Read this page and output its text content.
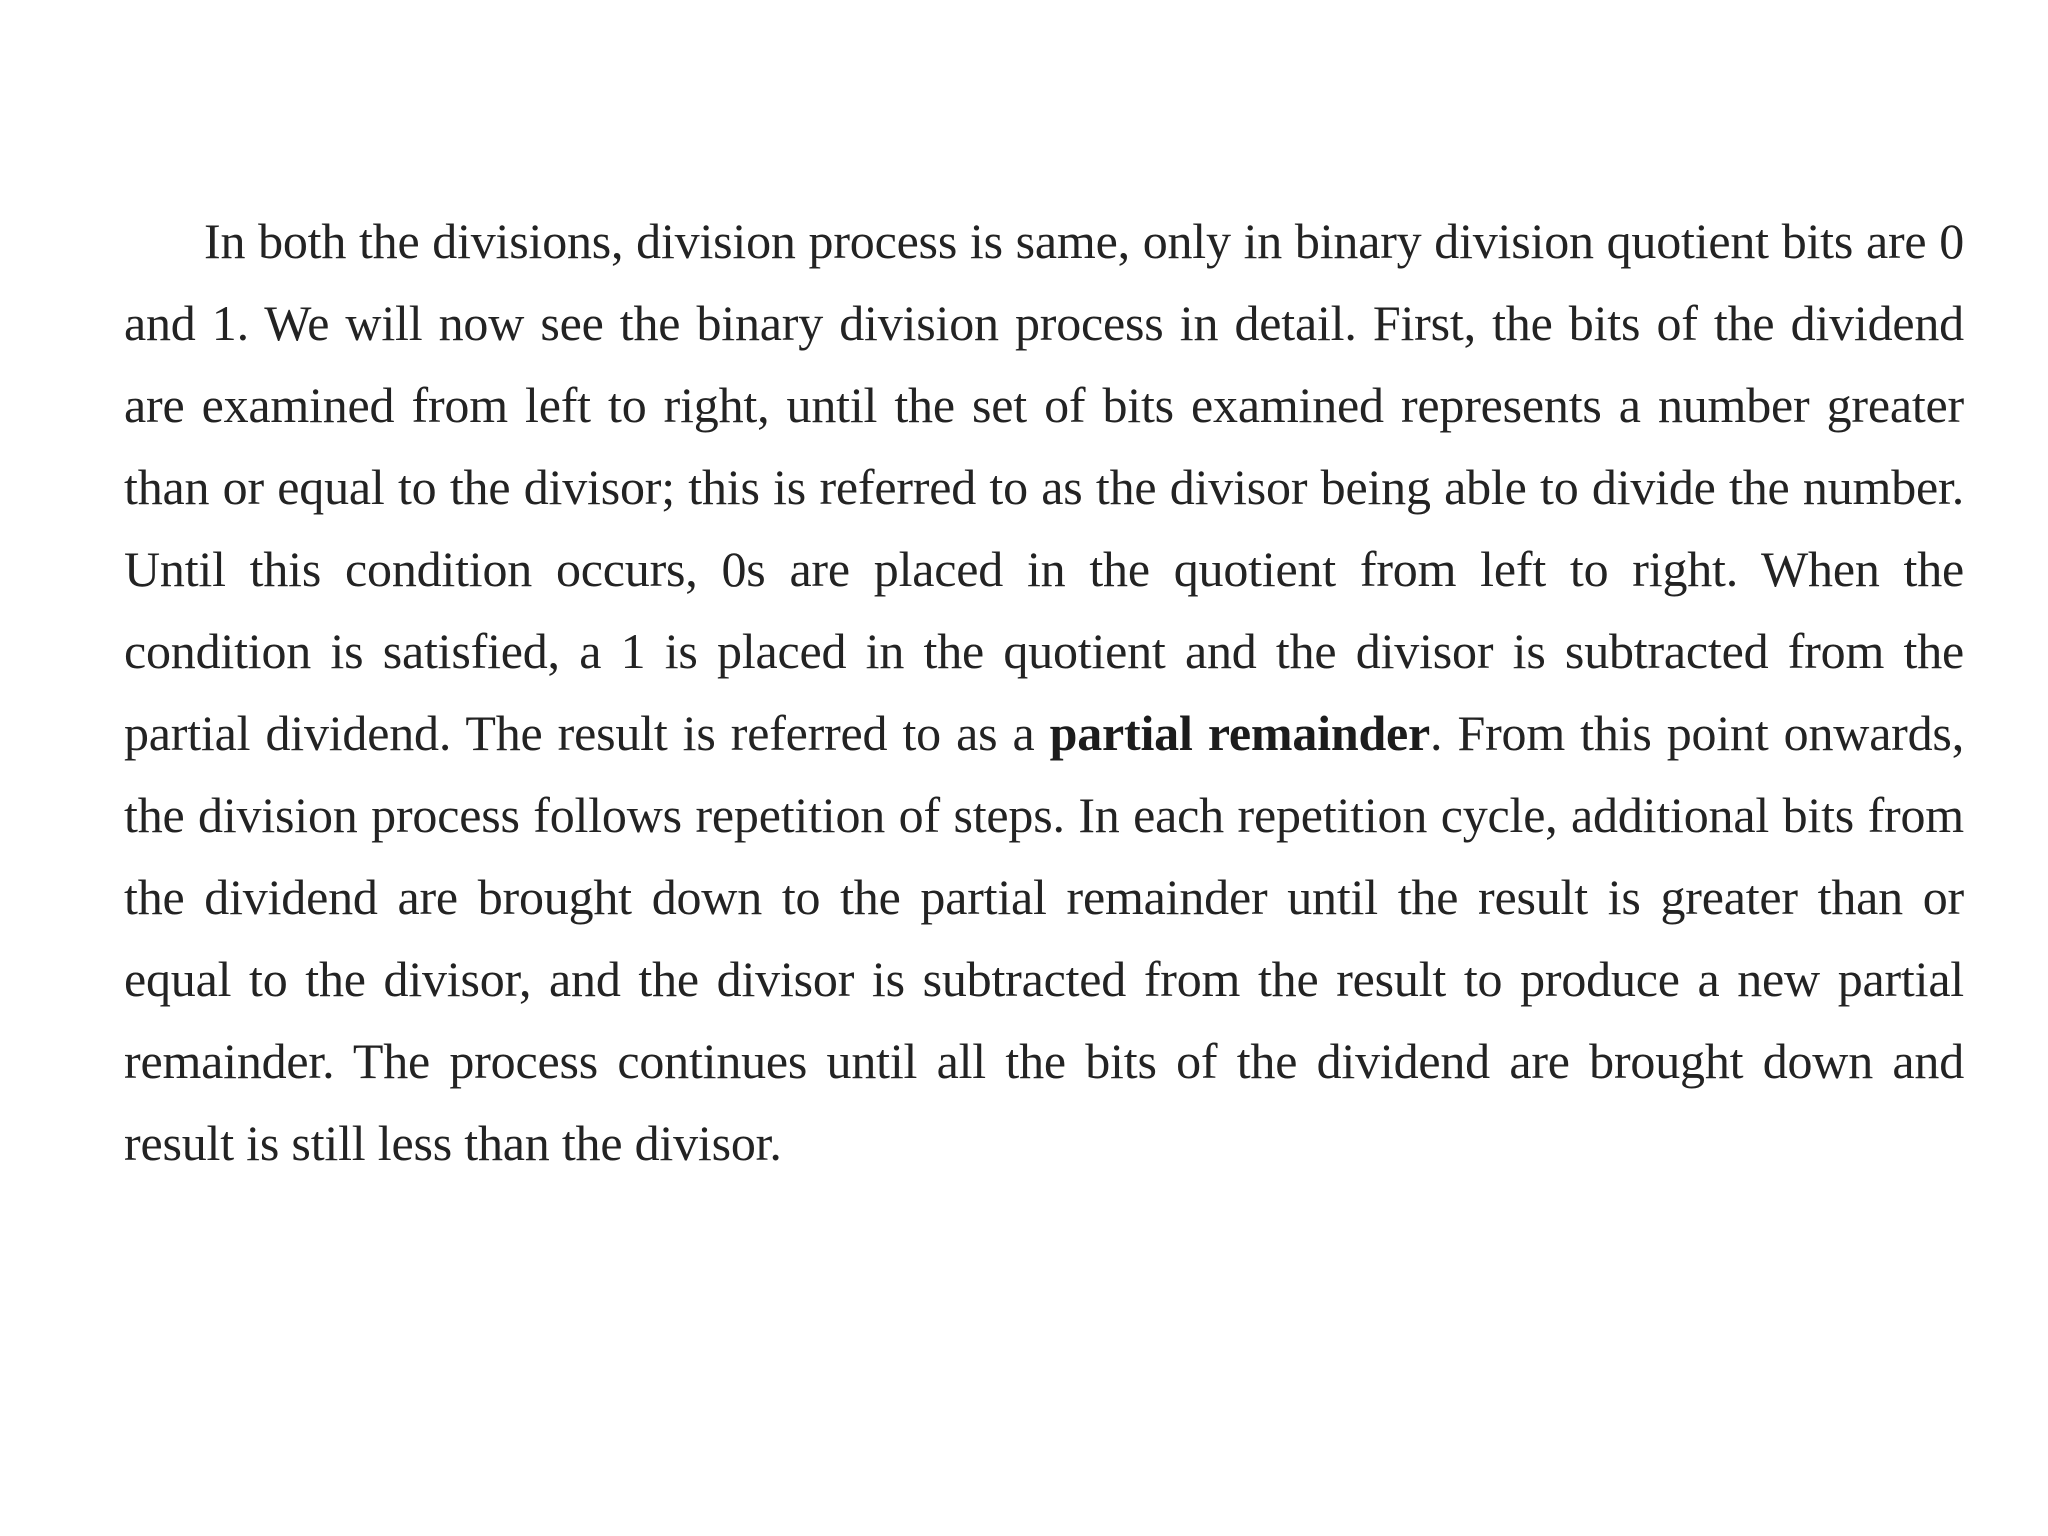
In both the divisions, division process is same, only in binary division quotient bits are 0 and 1. We will now see the binary division process in detail. First, the bits of the dividend are examined from left to right, until the set of bits examined represents a number greater than or equal to the divisor; this is referred to as the divisor being able to divide the number. Until this condition occurs, 0s are placed in the quotient from left to right. When the condition is satisfied, a 1 is placed in the quotient and the divisor is subtracted from the partial dividend. The result is referred to as a partial remainder. From this point onwards, the division process follows repetition of steps. In each repetition cycle, additional bits from the dividend are brought down to the partial remainder until the result is greater than or equal to the divisor, and the divisor is subtracted from the result to produce a new partial remainder. The process continues until all the bits of the dividend are brought down and result is still less than the divisor.
